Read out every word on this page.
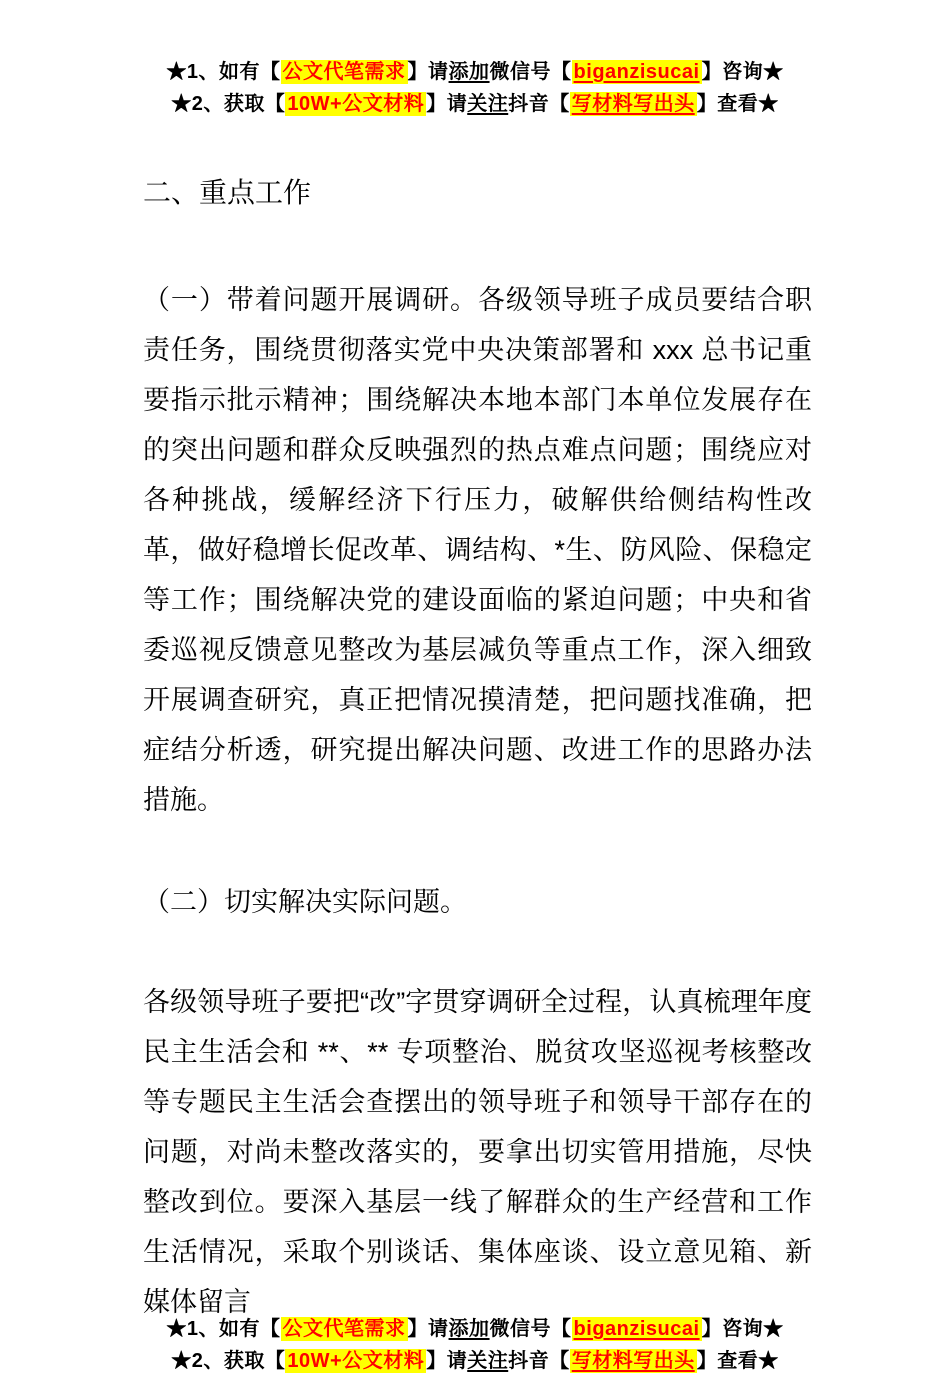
★1、如有【 公文代笔需求 】请添加微信号【 biganzisucai 】咨询★
★2、获取【 10W+公文材料 】请关注抖音【 写材料写出头 】查看★
二、重点工作

（一）带着问题开展调研。各级领导班子成员要结合职责任务，围绕贯彻落实党中央决策部署和 xxx 总书记重要指示批示精神；围绕解决本地本部门本单位发展存在的突出问题和群众反映强烈的热点难点问题；围绕应对各种挑战，缓解经济下行压力，破解供给侧结构性改革，做好稳增长促改革、调结构、*生、防风险、保稳定等工作；围绕解决党的建设面临的紧迫问题；中央和省委巡视反馈意见整改为基层减负等重点工作，深入细致开展调查研究，真正把情况摸清楚，把问题找准确，把症结分析透，研究提出解决问题、改进工作的思路办法措施。

（二）切实解决实际问题。

各级领导班子要把“改”字贯穿调研全过程，认真梳理年度民主生活会和 **、** 专项整治、脱贫攻坚巡视考核整改等专题民主生活会查摆出的领导班子和领导干部存在的问题，对尚未整改落实的，要拿出切实管用措施，尽快整改到位。要深入基层一线了解群众的生产经营和工作生活情况，采取个别谈话、集体座谈、设立意见箱、新媒体留言

★1、如有【 公文代笔需求 】请添加微信号【 biganzisucai 】咨询★
★2、获取【 10W+公文材料 】请关注抖音【 写材料写出头 】查看★
